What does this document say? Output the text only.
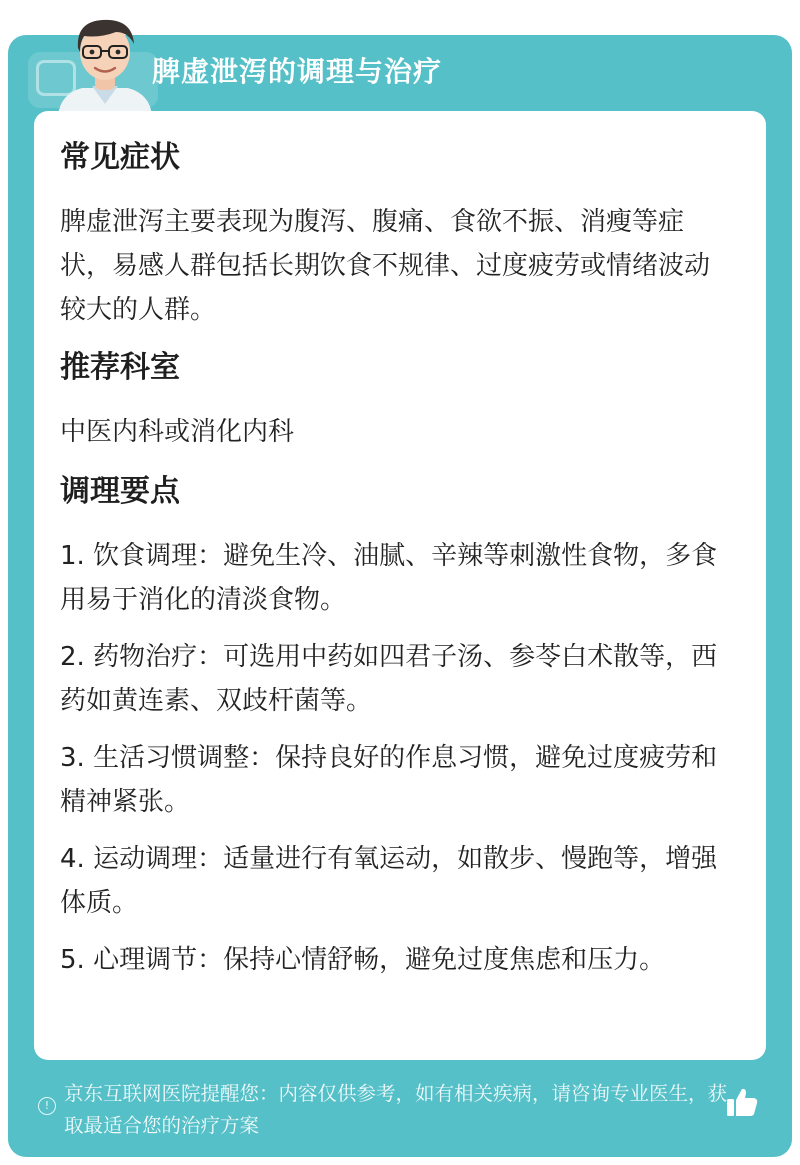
脾虚泄泻的调理与治疗
常见症状
脾虚泄泻主要表现为腹泻、腹痛、食欲不振、消瘦等症状，易感人群包括长期饮食不规律、过度疲劳或情绪波动较大的人群。
推荐科室
中医内科或消化内科
调理要点
1. 饮食调理：避免生冷、油腻、辛辣等刺激性食物，多食用易于消化的清淡食物。
2. 药物治疗：可选用中药如四君子汤、参苓白术散等，西药如黄连素、双歧杆菌等。
3. 生活习惯调整：保持良好的作息习惯，避免过度疲劳和精神紧张。
4. 运动调理：适量进行有氧运动，如散步、慢跑等，增强体质。
5. 心理调节：保持心情舒畅，避免过度焦虑和压力。
!
京东互联网医院提醒您：内容仅供参考，如有相关疾病，请咨询专业医生，获取最适合您的治疗方案
